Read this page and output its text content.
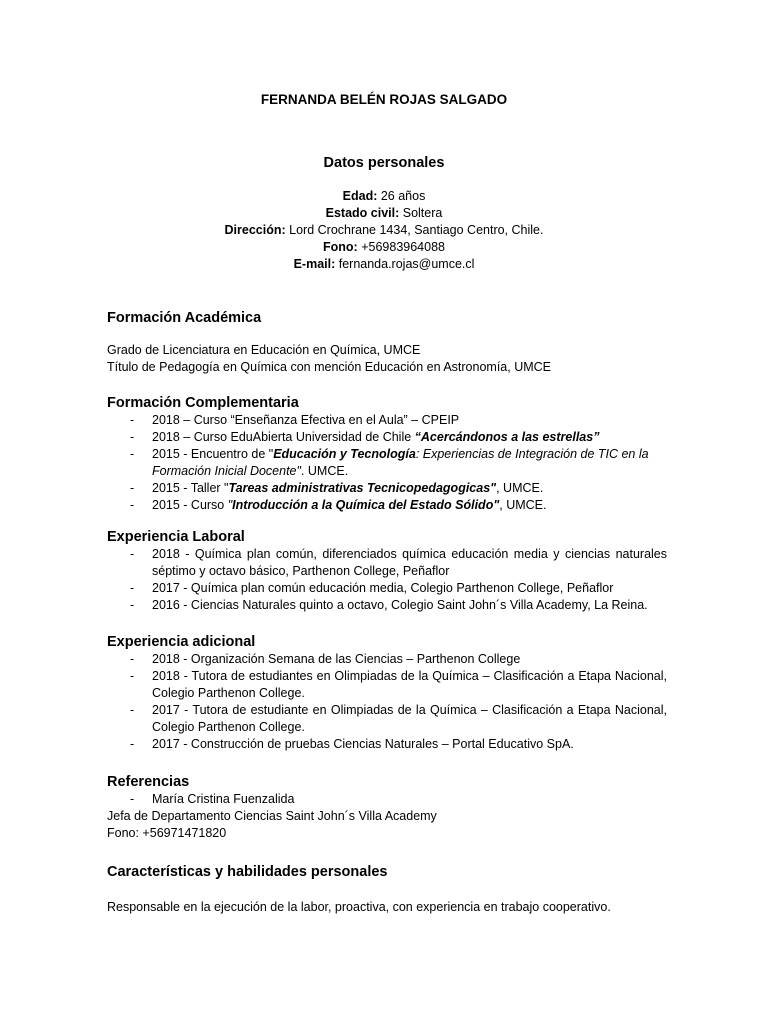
FERNANDA BELÉN ROJAS SALGADO
Datos personales
Edad: 26 años
Estado civil: Soltera
Dirección: Lord Crochrane 1434, Santiago Centro, Chile.
Fono: +56983964088
E-mail: fernanda.rojas@umce.cl
Formación Académica

Grado de Licenciatura en Educación en Química, UMCE

Título de Pedagogía en Química con mención Educación en Astronomía, UMCE

Formación Complementaria
- 2018 – Curso “Enseñanza Efectiva en el Aula” – CPEIP
- 2018 – Curso EduAbierta Universidad de Chile “Acercándonos a las estrellas”
- 2015 - Encuentro de "Educación y Tecnología: Experiencias de Integración de TIC en la Formación Inicial Docente". UMCE.
- 2015 - Taller "Tareas administrativas Tecnicopedagogicas", UMCE.
- 2015 - Curso "Introducción a la Química del Estado Sólido", UMCE.
Experiencia Laboral
- 2018 - Química plan común, diferenciados química educación media y ciencias naturales séptimo y octavo básico, Parthenon College, Peñaflor
- 2017 - Química plan común educación media, Colegio Parthenon College, Peñaflor
- 2016 - Ciencias Naturales quinto a octavo, Colegio Saint John´s Villa Academy, La Reina.
Experiencia adicional
- 2018 - Organización Semana de las Ciencias – Parthenon College
- 2018 - Tutora de estudiantes en Olimpiadas de la Química – Clasificación a Etapa Nacional, Colegio Parthenon College.
- 2017 - Tutora de estudiante en Olimpiadas de la Química – Clasificación a Etapa Nacional, Colegio Parthenon College.
- 2017 - Construcción de pruebas Ciencias Naturales – Portal Educativo SpA.
Referencias
- María Cristina Fuenzalida

Jefa de Departamento Ciencias Saint John´s Villa Academy

Fono: +56971471820

Características y habilidades personales

Responsable en la ejecución de la labor, proactiva, con experiencia en trabajo cooperativo.
